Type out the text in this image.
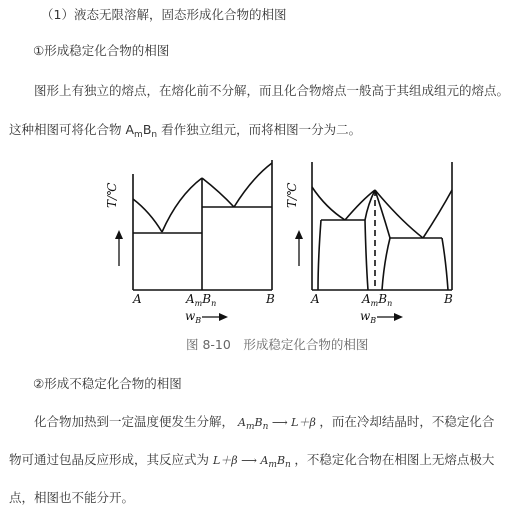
（1）液态无限溶解，固态形成化合物的相图
①形成稳定化合物的相图
图形上有独立的熔点，在熔化前不分解，而且化合物熔点一般高于其组成组元的熔点。
这种相图可将化合物 $A_mB_n$ 看作独立组元，而将相图一分为二。
T/℃
A	$A_mB_n$	B
$w_B$
T/℃
A	$A_mB_n$	B
$w_B$
图 8-10　形成稳定化合物的相图
②形成不稳定化合物的相图
化合物加热到一定温度便发生分解， $A_mB_n$ ⟶ L＋β ，而在冷却结晶时，不稳定化合
物可通过包晶反应形成，其反应式为 L＋β ⟶ $A_mB_n$ ，不稳定化合物在相图上无熔点极大
点，相图也不能分开。
